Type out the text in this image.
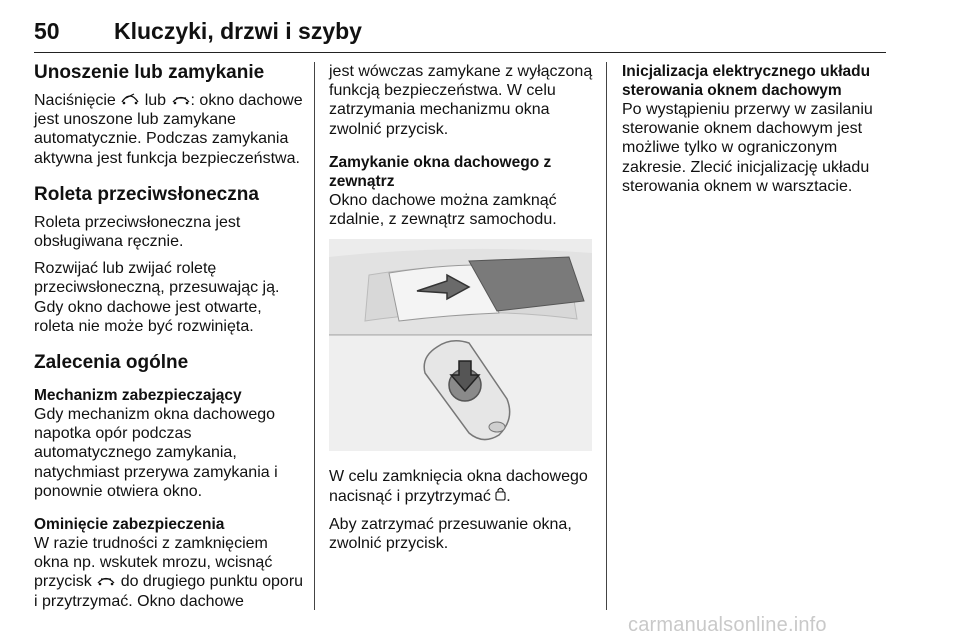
50 Kluczyki, drzwi i szyby
Unoszenie lub zamykanie

Naciśnięcie lub : okno dachowe jest unoszone lub zamykane automatycznie. Podczas zamykania aktywna jest funkcja bezpieczeństwa.

Roleta przeciwsłoneczna

Roleta przeciwsłoneczna jest obsługiwana ręcznie.

Rozwijać lub zwijać roletę przeciwsłoneczną, przesuwając ją. Gdy okno dachowe jest otwarte, roleta nie może być rozwinięta.

Zalecenia ogólne
Mechanizm zabezpieczający

Gdy mechanizm okna dachowego napotka opór podczas automatycznego zamykania, natychmiast przerywa zamykania i ponownie otwiera okno.

Ominięcie zabezpieczenia

W razie trudności z zamknięciem okna np. wskutek mrozu, wcisnąć przycisk do drugiego punktu oporu i przytrzymać. Okno dachowe

jest wówczas zamykane z wyłączoną funkcją bezpieczeństwa. W celu zatrzymania mechanizmu okna zwolnić przycisk.

Zamykanie okna dachowego z zewnątrz

Okno dachowe można zamknąć zdalnie, z zewnątrz samochodu.

W celu zamknięcia okna dachowego nacisnąć i przytrzymać .

Aby zatrzymać przesuwanie okna, zwolnić przycisk.

Inicjalizacja elektrycznego układu sterowania oknem dachowym

Po wystąpieniu przerwy w zasilaniu sterowanie oknem dachowym jest możliwe tylko w ograniczonym zakresie. Zlecić inicjalizację układu sterowania oknem w warsztacie.

carmanualsonline.info
